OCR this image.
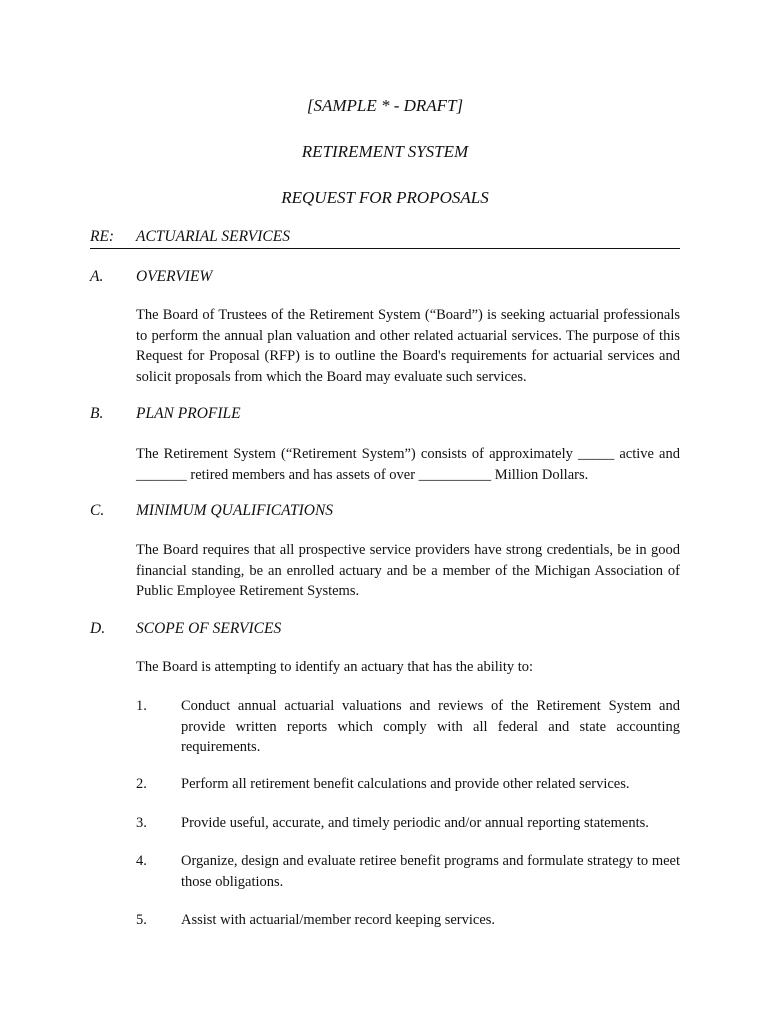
[SAMPLE * - DRAFT]
RETIREMENT SYSTEM
REQUEST FOR PROPOSALS
RE: ACTUARIAL SERVICES
A. OVERVIEW

The Board of Trustees of the Retirement System (“Board”) is seeking actuarial professionals to perform the annual plan valuation and other related actuarial services. The purpose of this Request for Proposal (RFP) is to outline the Board's requirements for actuarial services and solicit proposals from which the Board may evaluate such services.

B. PLAN PROFILE

The Retirement System (“Retirement System”) consists of approximately _____ active and _______ retired members and has assets of over __________ Million Dollars.

C. MINIMUM QUALIFICATIONS

The Board requires that all prospective service providers have strong credentials, be in good financial standing, be an enrolled actuary and be a member of the Michigan Association of Public Employee Retirement Systems.

D. SCOPE OF SERVICES

The Board is attempting to identify an actuary that has the ability to:

1. Conduct annual actuarial valuations and reviews of the Retirement System and provide written reports which comply with all federal and state accounting requirements.
2. Perform all retirement benefit calculations and provide other related services.
3. Provide useful, accurate, and timely periodic and/or annual reporting statements.
4. Organize, design and evaluate retiree benefit programs and formulate strategy to meet those obligations.
5. Assist with actuarial/member record keeping services.
